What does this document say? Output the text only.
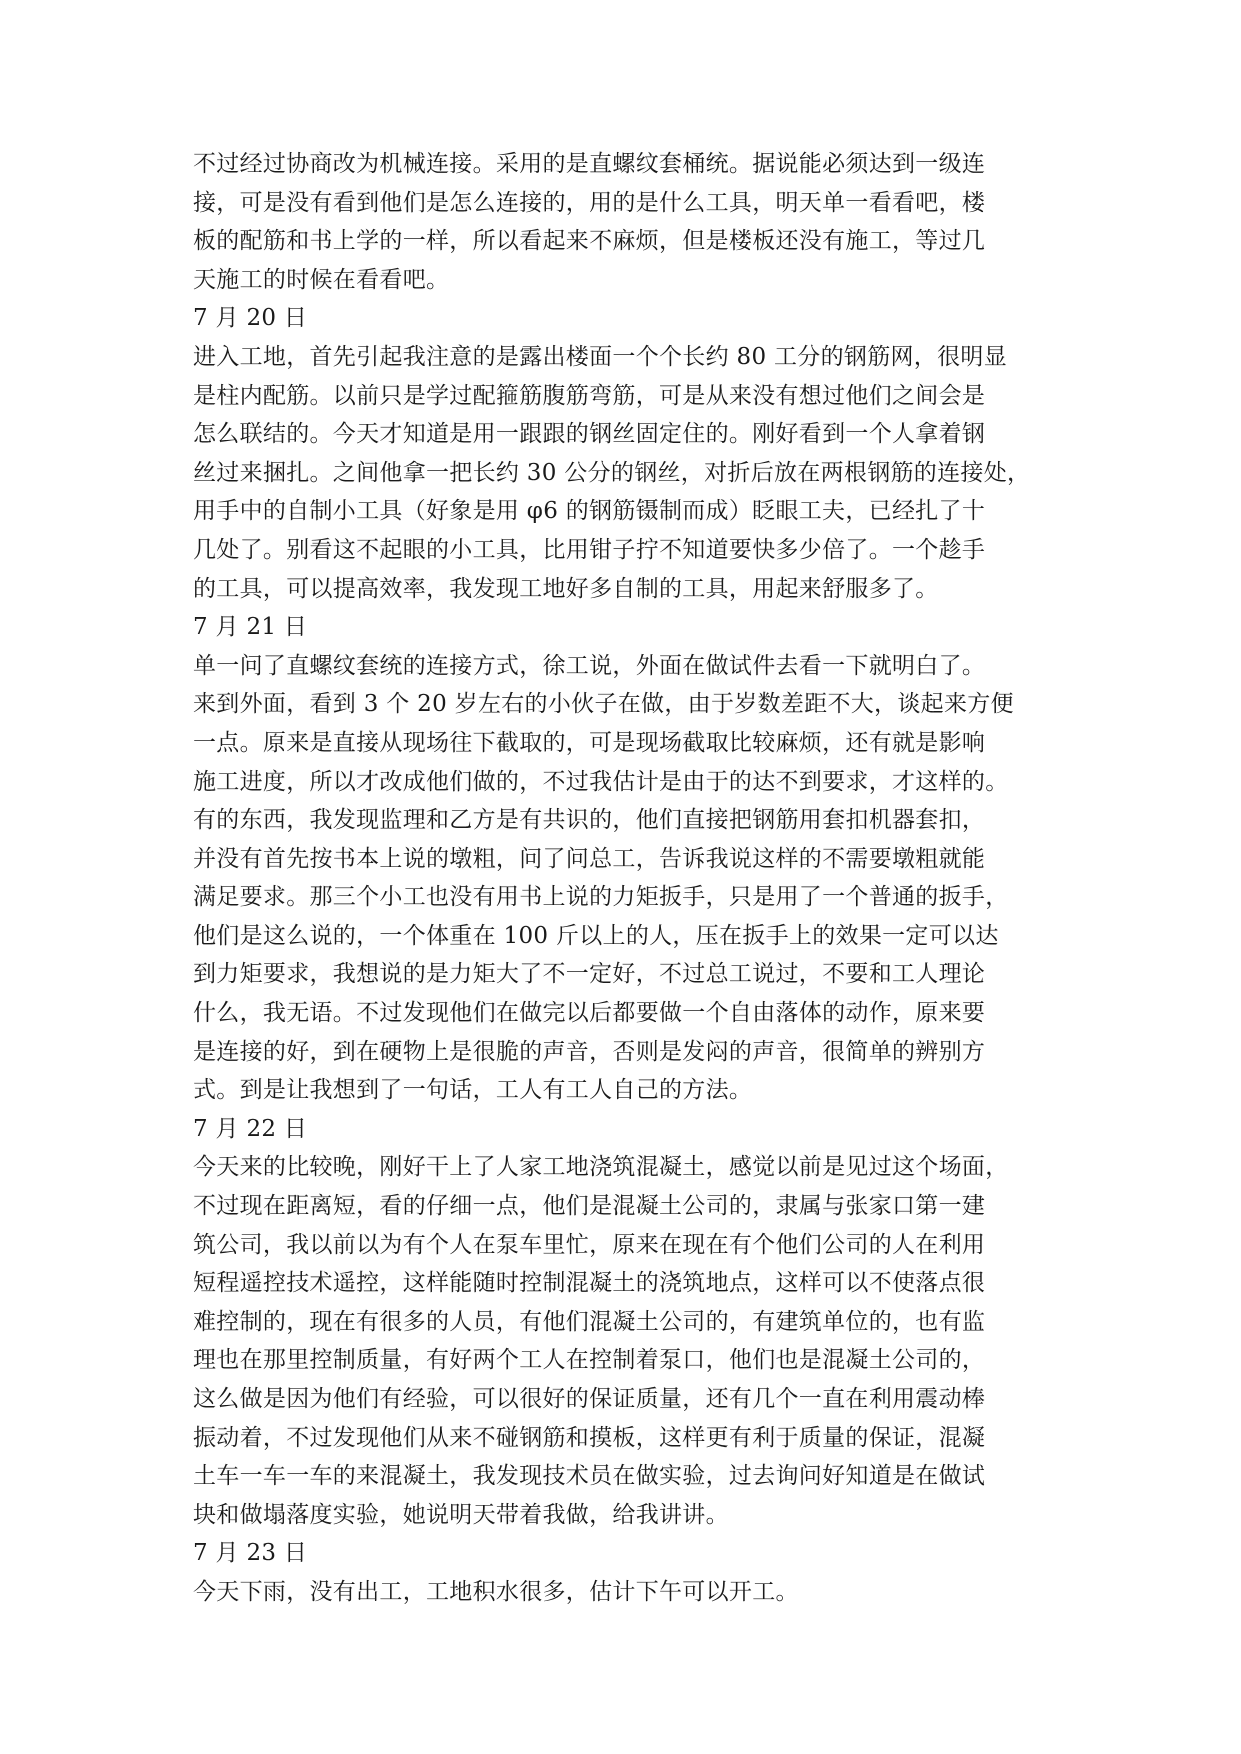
不过经过协商改为机械连接。采用的是直螺纹套桶统。据说能必须达到一级连
接，可是没有看到他们是怎么连接的，用的是什么工具，明天单一看看吧，楼
板的配筋和书上学的一样，所以看起来不麻烦，但是楼板还没有施工，等过几
天施工的时候在看看吧。
7 月 20 日
进入工地，首先引起我注意的是露出楼面一个个长约 80 工分的钢筋网，很明显
是柱内配筋。以前只是学过配箍筋腹筋弯筋，可是从来没有想过他们之间会是
怎么联结的。今天才知道是用一跟跟的钢丝固定住的。刚好看到一个人拿着钢
丝过来捆扎。之间他拿一把长约 30 公分的钢丝，对折后放在两根钢筋的连接处，
用手中的自制小工具（好象是用 φ6 的钢筋镊制而成）眨眼工夫，已经扎了十
几处了。别看这不起眼的小工具，比用钳子拧不知道要快多少倍了。一个趁手
的工具，可以提高效率，我发现工地好多自制的工具，用起来舒服多了。
7 月 21 日
单一问了直螺纹套统的连接方式，徐工说，外面在做试件去看一下就明白了。
来到外面，看到 3 个 20 岁左右的小伙子在做，由于岁数差距不大，谈起来方便
一点。原来是直接从现场往下截取的，可是现场截取比较麻烦，还有就是影响
施工进度，所以才改成他们做的，不过我估计是由于的达不到要求，才这样的。
有的东西，我发现监理和乙方是有共识的，他们直接把钢筋用套扣机器套扣，
并没有首先按书本上说的墩粗，问了问总工，告诉我说这样的不需要墩粗就能
满足要求。那三个小工也没有用书上说的力矩扳手，只是用了一个普通的扳手，
他们是这么说的，一个体重在 100 斤以上的人，压在扳手上的效果一定可以达
到力矩要求，我想说的是力矩大了不一定好，不过总工说过，不要和工人理论
什么，我无语。不过发现他们在做完以后都要做一个自由落体的动作，原来要
是连接的好，到在硬物上是很脆的声音，否则是发闷的声音，很简单的辨别方
式。到是让我想到了一句话，工人有工人自己的方法。
7 月 22 日
今天来的比较晚，刚好干上了人家工地浇筑混凝土，感觉以前是见过这个场面，
不过现在距离短，看的仔细一点，他们是混凝土公司的，隶属与张家口第一建
筑公司，我以前以为有个人在泵车里忙，原来在现在有个他们公司的人在利用
短程遥控技术遥控，这样能随时控制混凝土的浇筑地点，这样可以不使落点很
难控制的，现在有很多的人员，有他们混凝土公司的，有建筑单位的，也有监
理也在那里控制质量，有好两个工人在控制着泵口，他们也是混凝土公司的，
这么做是因为他们有经验，可以很好的保证质量，还有几个一直在利用震动棒
振动着，不过发现他们从来不碰钢筋和摸板，这样更有利于质量的保证，混凝
土车一车一车的来混凝土，我发现技术员在做实验，过去询问好知道是在做试
块和做塌落度实验，她说明天带着我做，给我讲讲。
7 月 23 日
今天下雨，没有出工，工地积水很多，估计下午可以开工。
